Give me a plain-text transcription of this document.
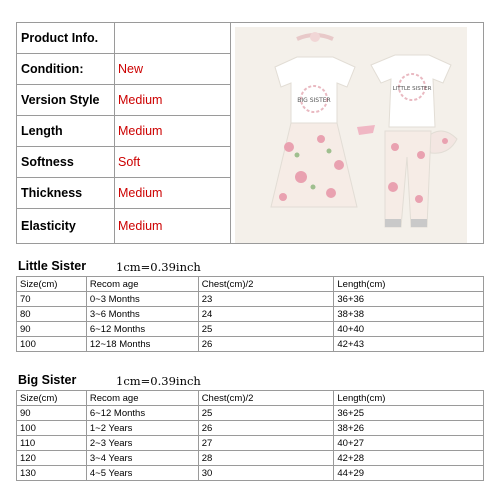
Product Info.
Condition:	New
Version Style	Medium
Length	Medium
Softness	Soft
Thickness	Medium
Elasticity	Medium
BIG SISTER
LITTLE SISTER
Little Sister	1cm=0.39inch
Size(cm)	Recom age	Chest(cm)/2	Length(cm)
70	0~3 Months	23	36+36
80	3~6 Months	24	38+38
90	6~12 Months	25	40+40
100	12~18 Months	26	42+43
Big Sister	1cm=0.39inch
Size(cm)	Recom age	Chest(cm)/2	Length(cm)
90	6~12 Months	25	36+25
100	1~2 Years	26	38+26
110	2~3 Years	27	40+27
120	3~4 Years	28	42+28
130	4~5 Years	30	44+29
